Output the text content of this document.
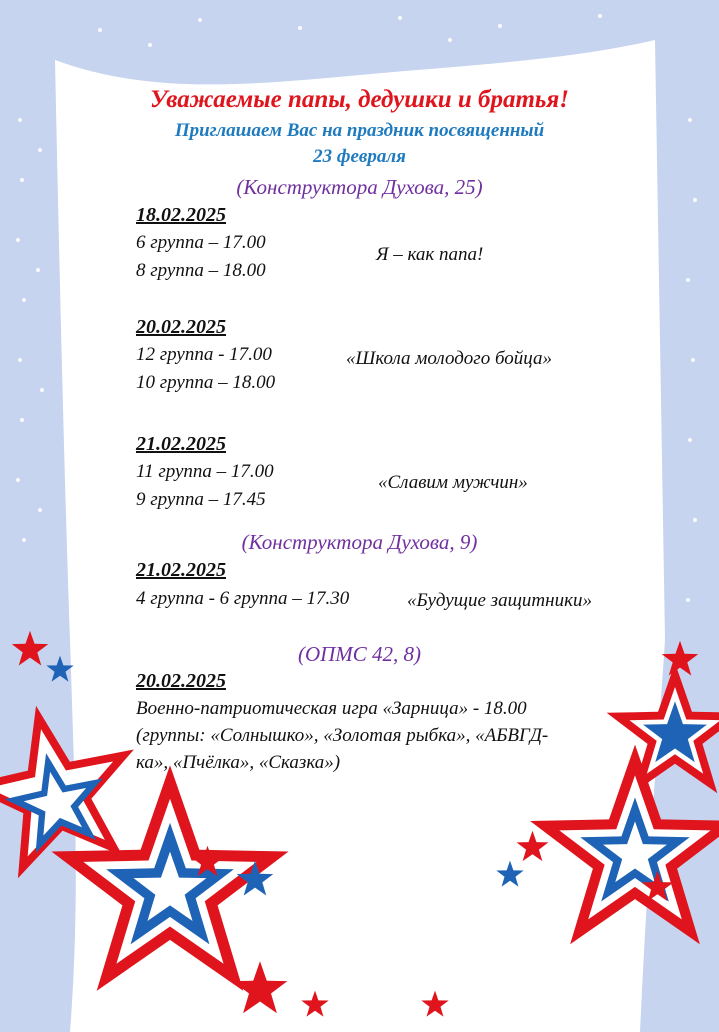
Уважаемые папы, дедушки и братья!
Приглашаем Вас на праздник посвященный
23 февраля
(Конструктора Духова, 25)
18.02.2025
6 группа – 17.00
8 группа – 18.00
Я – как папа!
20.02.2025
12 группа - 17.00
10 группа – 18.00
«Школа молодого бойца»
21.02.2025
11 группа – 17.00
9 группа – 17.45
«Славим мужчин»
(Конструктора Духова, 9)
21.02.2025
4 группа - 6 группа – 17.30	«Будущие защитники»
(ОПМС 42, 8)
20.02.2025
Военно-патриотическая игра «Зарница» - 18.00
(группы: «Солнышко», «Золотая рыбка», «АБВГД-
ка», «Пчёлка», «Сказка»)
